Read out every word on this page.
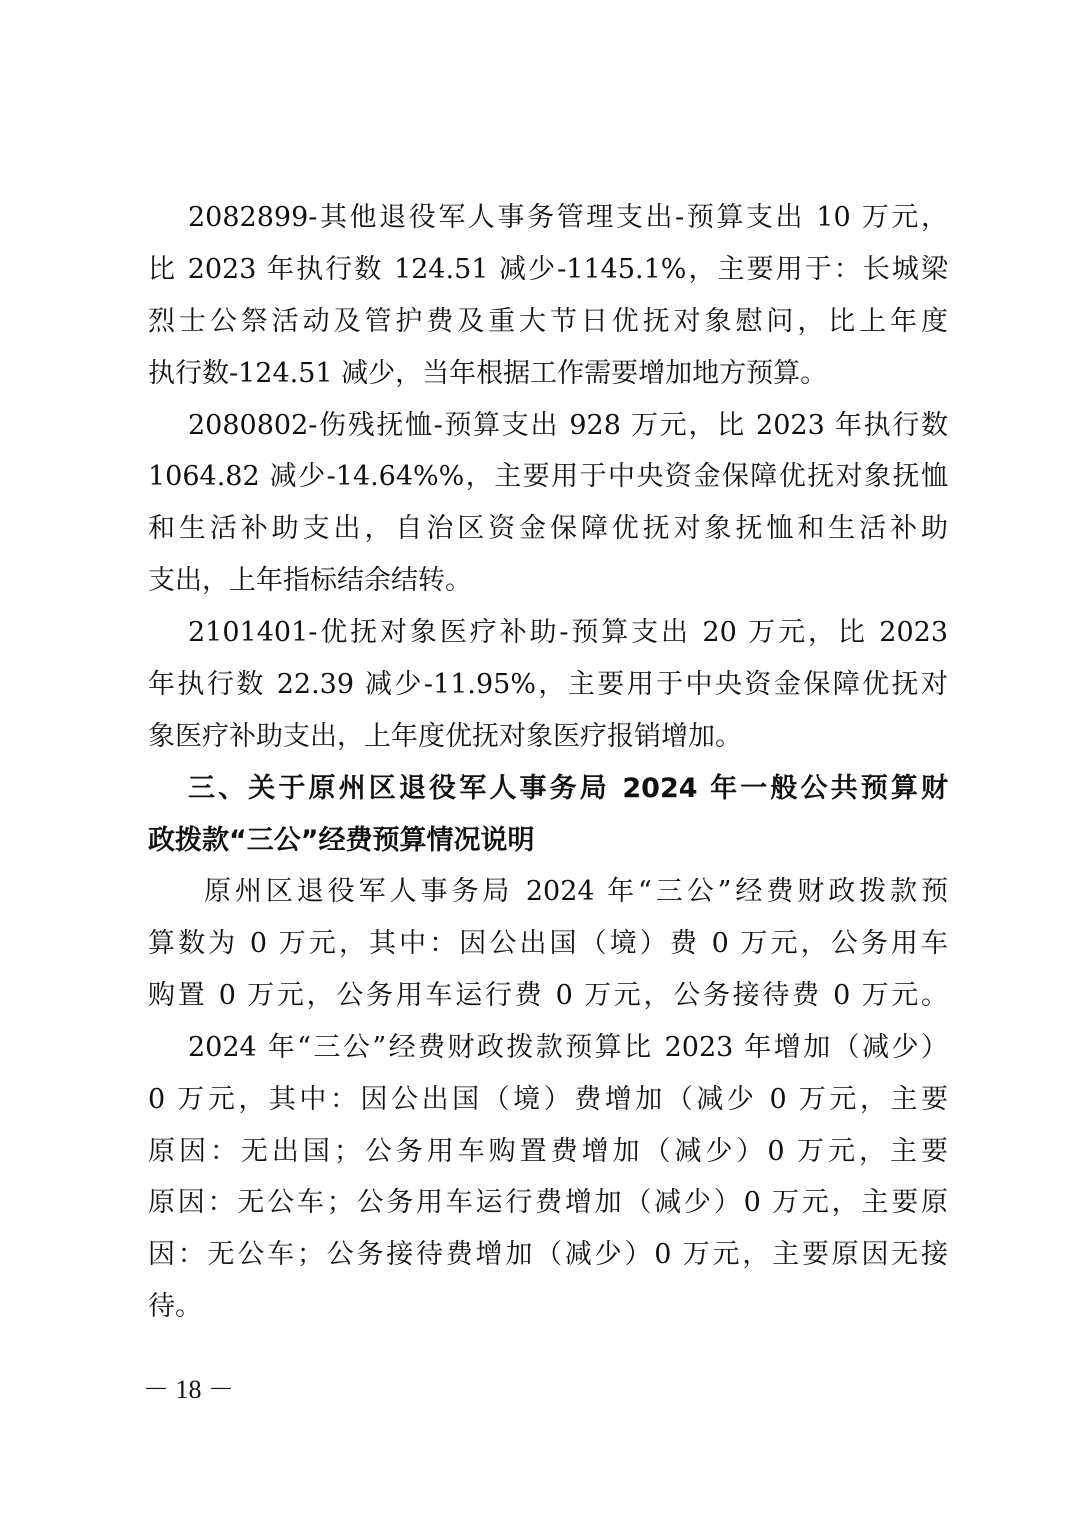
2082899-其他退役军人事务管理支出-预算支出 10 万元，
比 2023 年执行数 124.51 减少-1145.1%，主要用于：长城梁
烈士公祭活动及管护费及重大节日优抚对象慰问，比上年度
执行数-124.51 减少，当年根据工作需要增加地方预算。
2080802-伤残抚恤-预算支出 928 万元，比 2023 年执行数
1064.82 减少-14.64%%，主要用于中央资金保障优抚对象抚恤
和生活补助支出，自治区资金保障优抚对象抚恤和生活补助
支出，上年指标结余结转。
2101401-优抚对象医疗补助-预算支出 20 万元，比 2023
年执行数 22.39 减少-11.95%，主要用于中央资金保障优抚对
象医疗补助支出，上年度优抚对象医疗报销增加。
三、关于原州区退役军人事务局 2024 年一般公共预算财
政拨款“三公”经费预算情况说明
原州区退役军人事务局 2024 年“三公”经费财政拨款预
算数为 0 万元，其中：因公出国（境）费 0 万元，公务用车
购置 0 万元，公务用车运行费 0 万元，公务接待费 0 万元。
2024 年“三公”经费财政拨款预算比 2023 年增加（减少）
0 万元，其中：因公出国（境）费增加（减少 0 万元，主要
原因：无出国；公务用车购置费增加（减少）0 万元，主要
原因：无公车；公务用车运行费增加（减少）0 万元，主要原
因：无公车；公务接待费增加（减少）0 万元，主要原因无接
待。
－ 18 －
